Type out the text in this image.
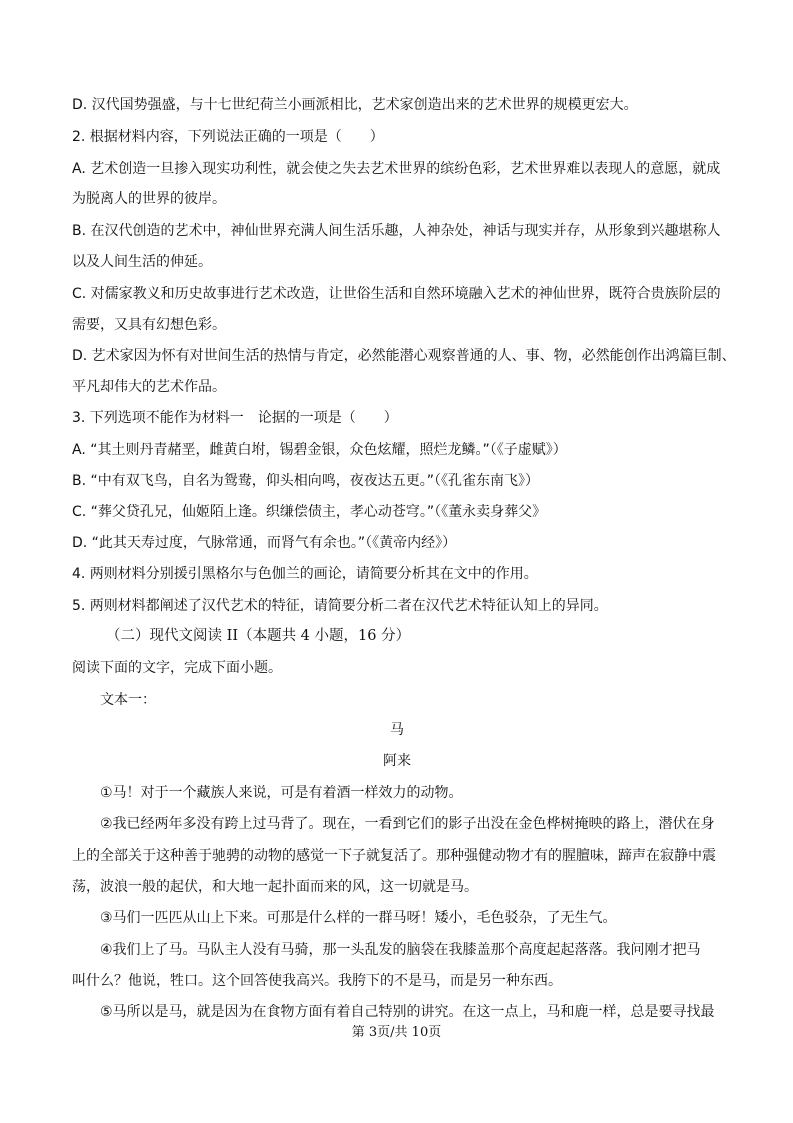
D. 汉代国势强盛，与十七世纪荷兰小画派相比，艺术家创造出来的艺术世界的规模更宏大。
2. 根据材料内容，下列说法正确的一项是（　　）
A. 艺术创造一旦掺入现实功利性，就会使之失去艺术世界的缤纷色彩，艺术世界难以表现人的意愿，就成
为脱离人的世界的彼岸。
B. 在汉代创造的艺术中，神仙世界充满人间生活乐趣，人神杂处，神话与现实并存，从形象到兴趣堪称人
以及人间生活的伸延。
C. 对儒家教义和历史故事进行艺术改造，让世俗生活和自然环境融入艺术的神仙世界，既符合贵族阶层的
需要，又具有幻想色彩。
D. 艺术家因为怀有对世间生活的热情与肯定，必然能潜心观察普通的人、事、物，必然能创作出鸿篇巨制、
平凡却伟大的艺术作品。
3. 下列选项不能作为材料一　论据的一项是（　　）
A. “其土则丹青赭垩，雌黄白坿，锡碧金银，众色炫耀，照烂龙鳞。”（《子虚赋》）
B. “中有双飞鸟，自名为鸳鸯，仰头相向鸣，夜夜达五更。”（《孔雀东南飞》）
C. “葬父贷孔兄，仙姬陌上逢。织缣偿债主，孝心动苍穹。”（《董永卖身葬父》
D. “此其天寿过度，气脉常通，而肾气有余也。”（《黄帝内经》）
4. 两则材料分别援引黑格尔与色伽兰的画论，请简要分析其在文中的作用。
5. 两则材料都阐述了汉代艺术的特征，请简要分析二者在汉代艺术特征认知上的异同。
（二）现代文阅读 II（本题共 4 小题，16 分）
阅读下面的文字，完成下面小题。
文本一：
马
阿来
①马！对于一个藏族人来说，可是有着酒一样效力的动物。
②我已经两年多没有跨上过马背了。现在，一看到它们的影子出没在金色桦树掩映的路上，潜伏在身
上的全部关于这种善于驰骋的动物的感觉一下子就复活了。那种强健动物才有的腥膻味，蹄声在寂静中震
荡，波浪一般的起伏，和大地一起扑面而来的风，这一切就是马。
③马们一匹匹从山上下来。可那是什么样的一群马呀！矮小，毛色驳杂，了无生气。
④我们上了马。马队主人没有马骑，那一头乱发的脑袋在我膝盖那个高度起起落落。我问刚才把马
叫什么？他说，牲口。这个回答使我高兴。我胯下的不是马，而是另一种东西。
⑤马所以是马，就是因为在食物方面有着自己特别的讲究。在这一点上，马和鹿一样，总是要寻找最
第 3页/共 10页
